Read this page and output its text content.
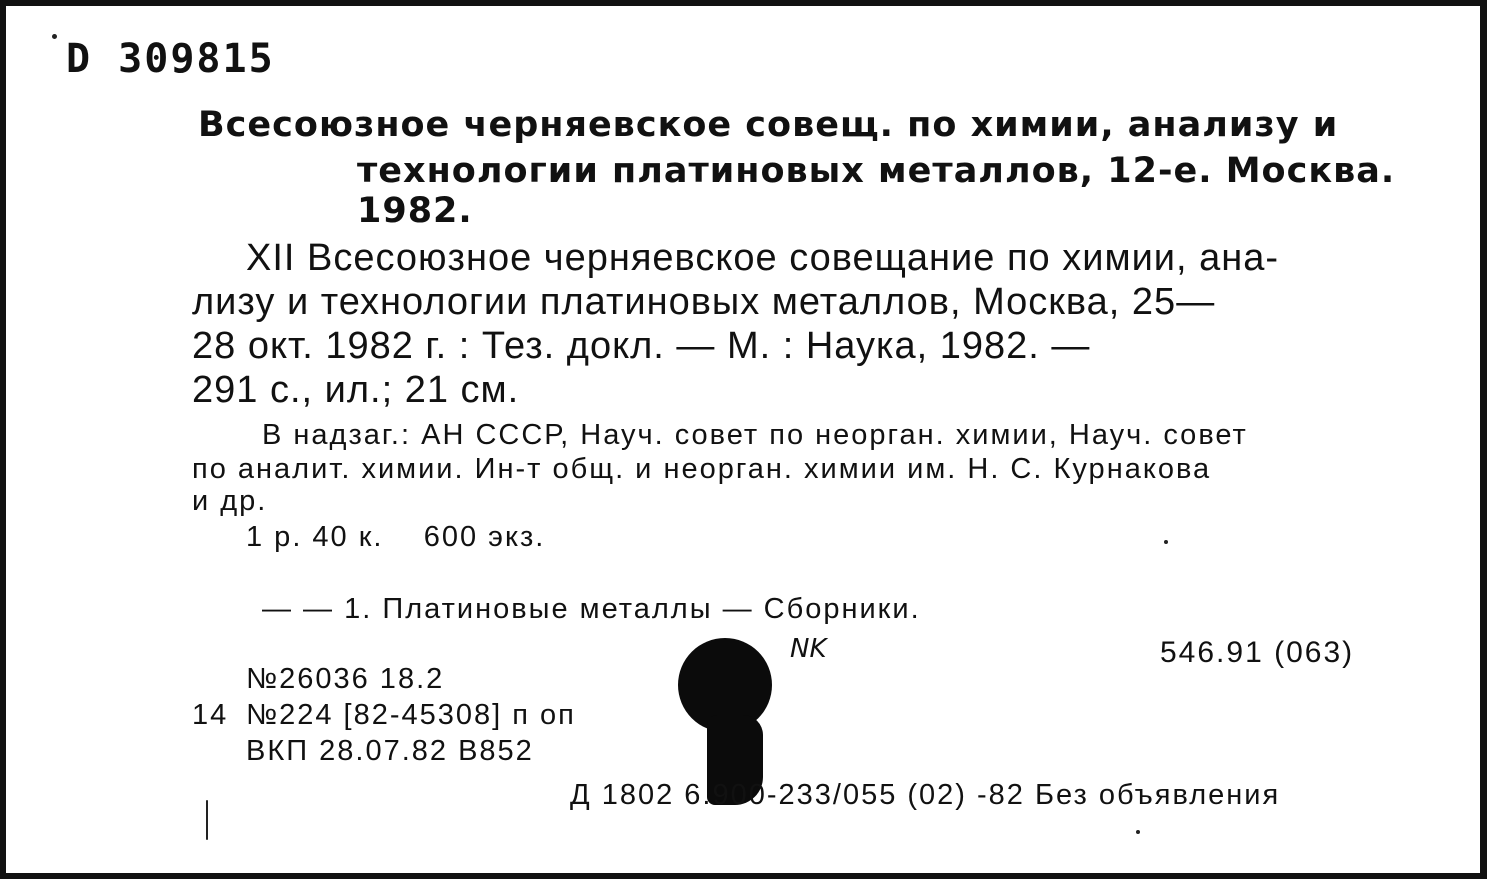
D 309815
Всесоюзное черняевское совещ. по химии, анализу и
технологии платиновых металлов, 12-е. Москва.
1982.
XII Всесоюзное черняевское совещание по химии, ана-
лизу и технологии платиновых металлов, Москва, 25—
28 окт. 1982 г. : Тез. докл. — М. : Наука, 1982. —
291 с., ил.; 21 см.
В надзаг.: АН СССР, Науч. совет по неорган. химии, Науч. совет
по аналит. химии. Ин-т общ. и неорган. химии им. Н. С. Курнакова
и др.
1 р. 40 к.    600 экз.
— — 1. Платиновые металлы — Сборники.
NK	546.91 (063)
№26036 18.2
14 №224 [82-45308] п оп
ВКП 28.07.82 В852
Д 1802 6.900-233/055 (02) -82 Без объявления
